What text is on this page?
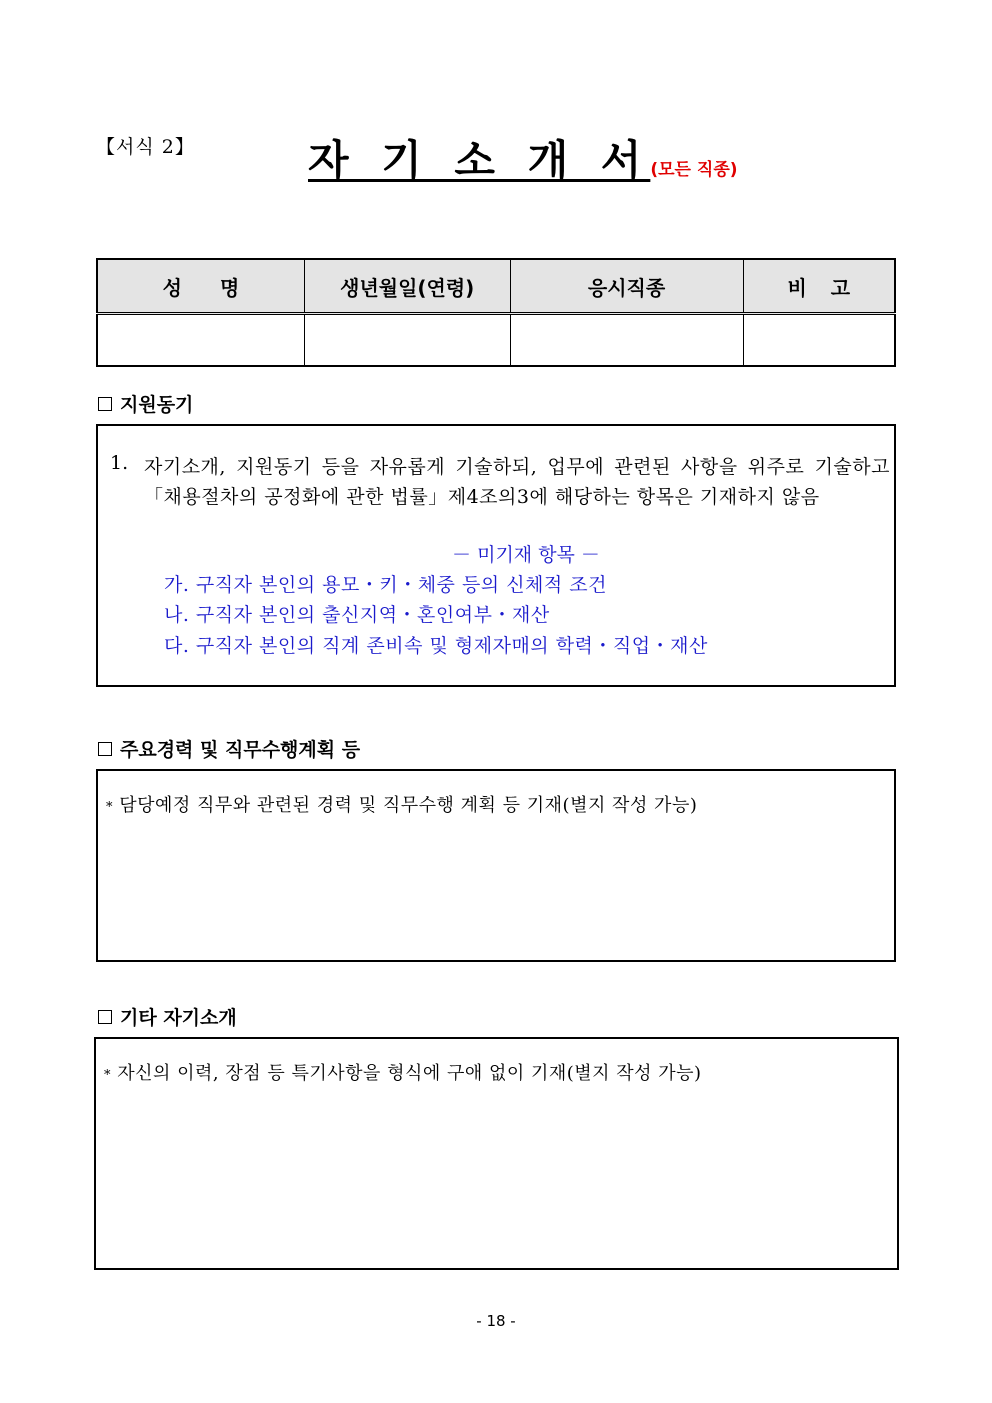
【서식 2】	자 기 소 개 서(모든 직종)
성명	생년월일(연령)	응시직종	비고

지원동기
1. 자기소개, 지원동기 등을 자유롭게 기술하되, 업무에 관련된 사항을 위주로 기술하고「채용절차의 공정화에 관한 법률」제4조의3에 해당하는 항목은 기재하지 않음
－ 미기재 항목 －
가. 구직자 본인의 용모・키・체중 등의 신체적 조건
나. 구직자 본인의 출신지역・혼인여부・재산
다. 구직자 본인의 직계 존비속 및 형제자매의 학력・직업・재산
주요경력 및 직무수행계획 등
* 담당예정 직무와 관련된 경력 및 직무수행 계획 등 기재(별지 작성 가능)
기타 자기소개
* 자신의 이력, 장점 등 특기사항을 형식에 구애 없이 기재(별지 작성 가능)
- 18 -
